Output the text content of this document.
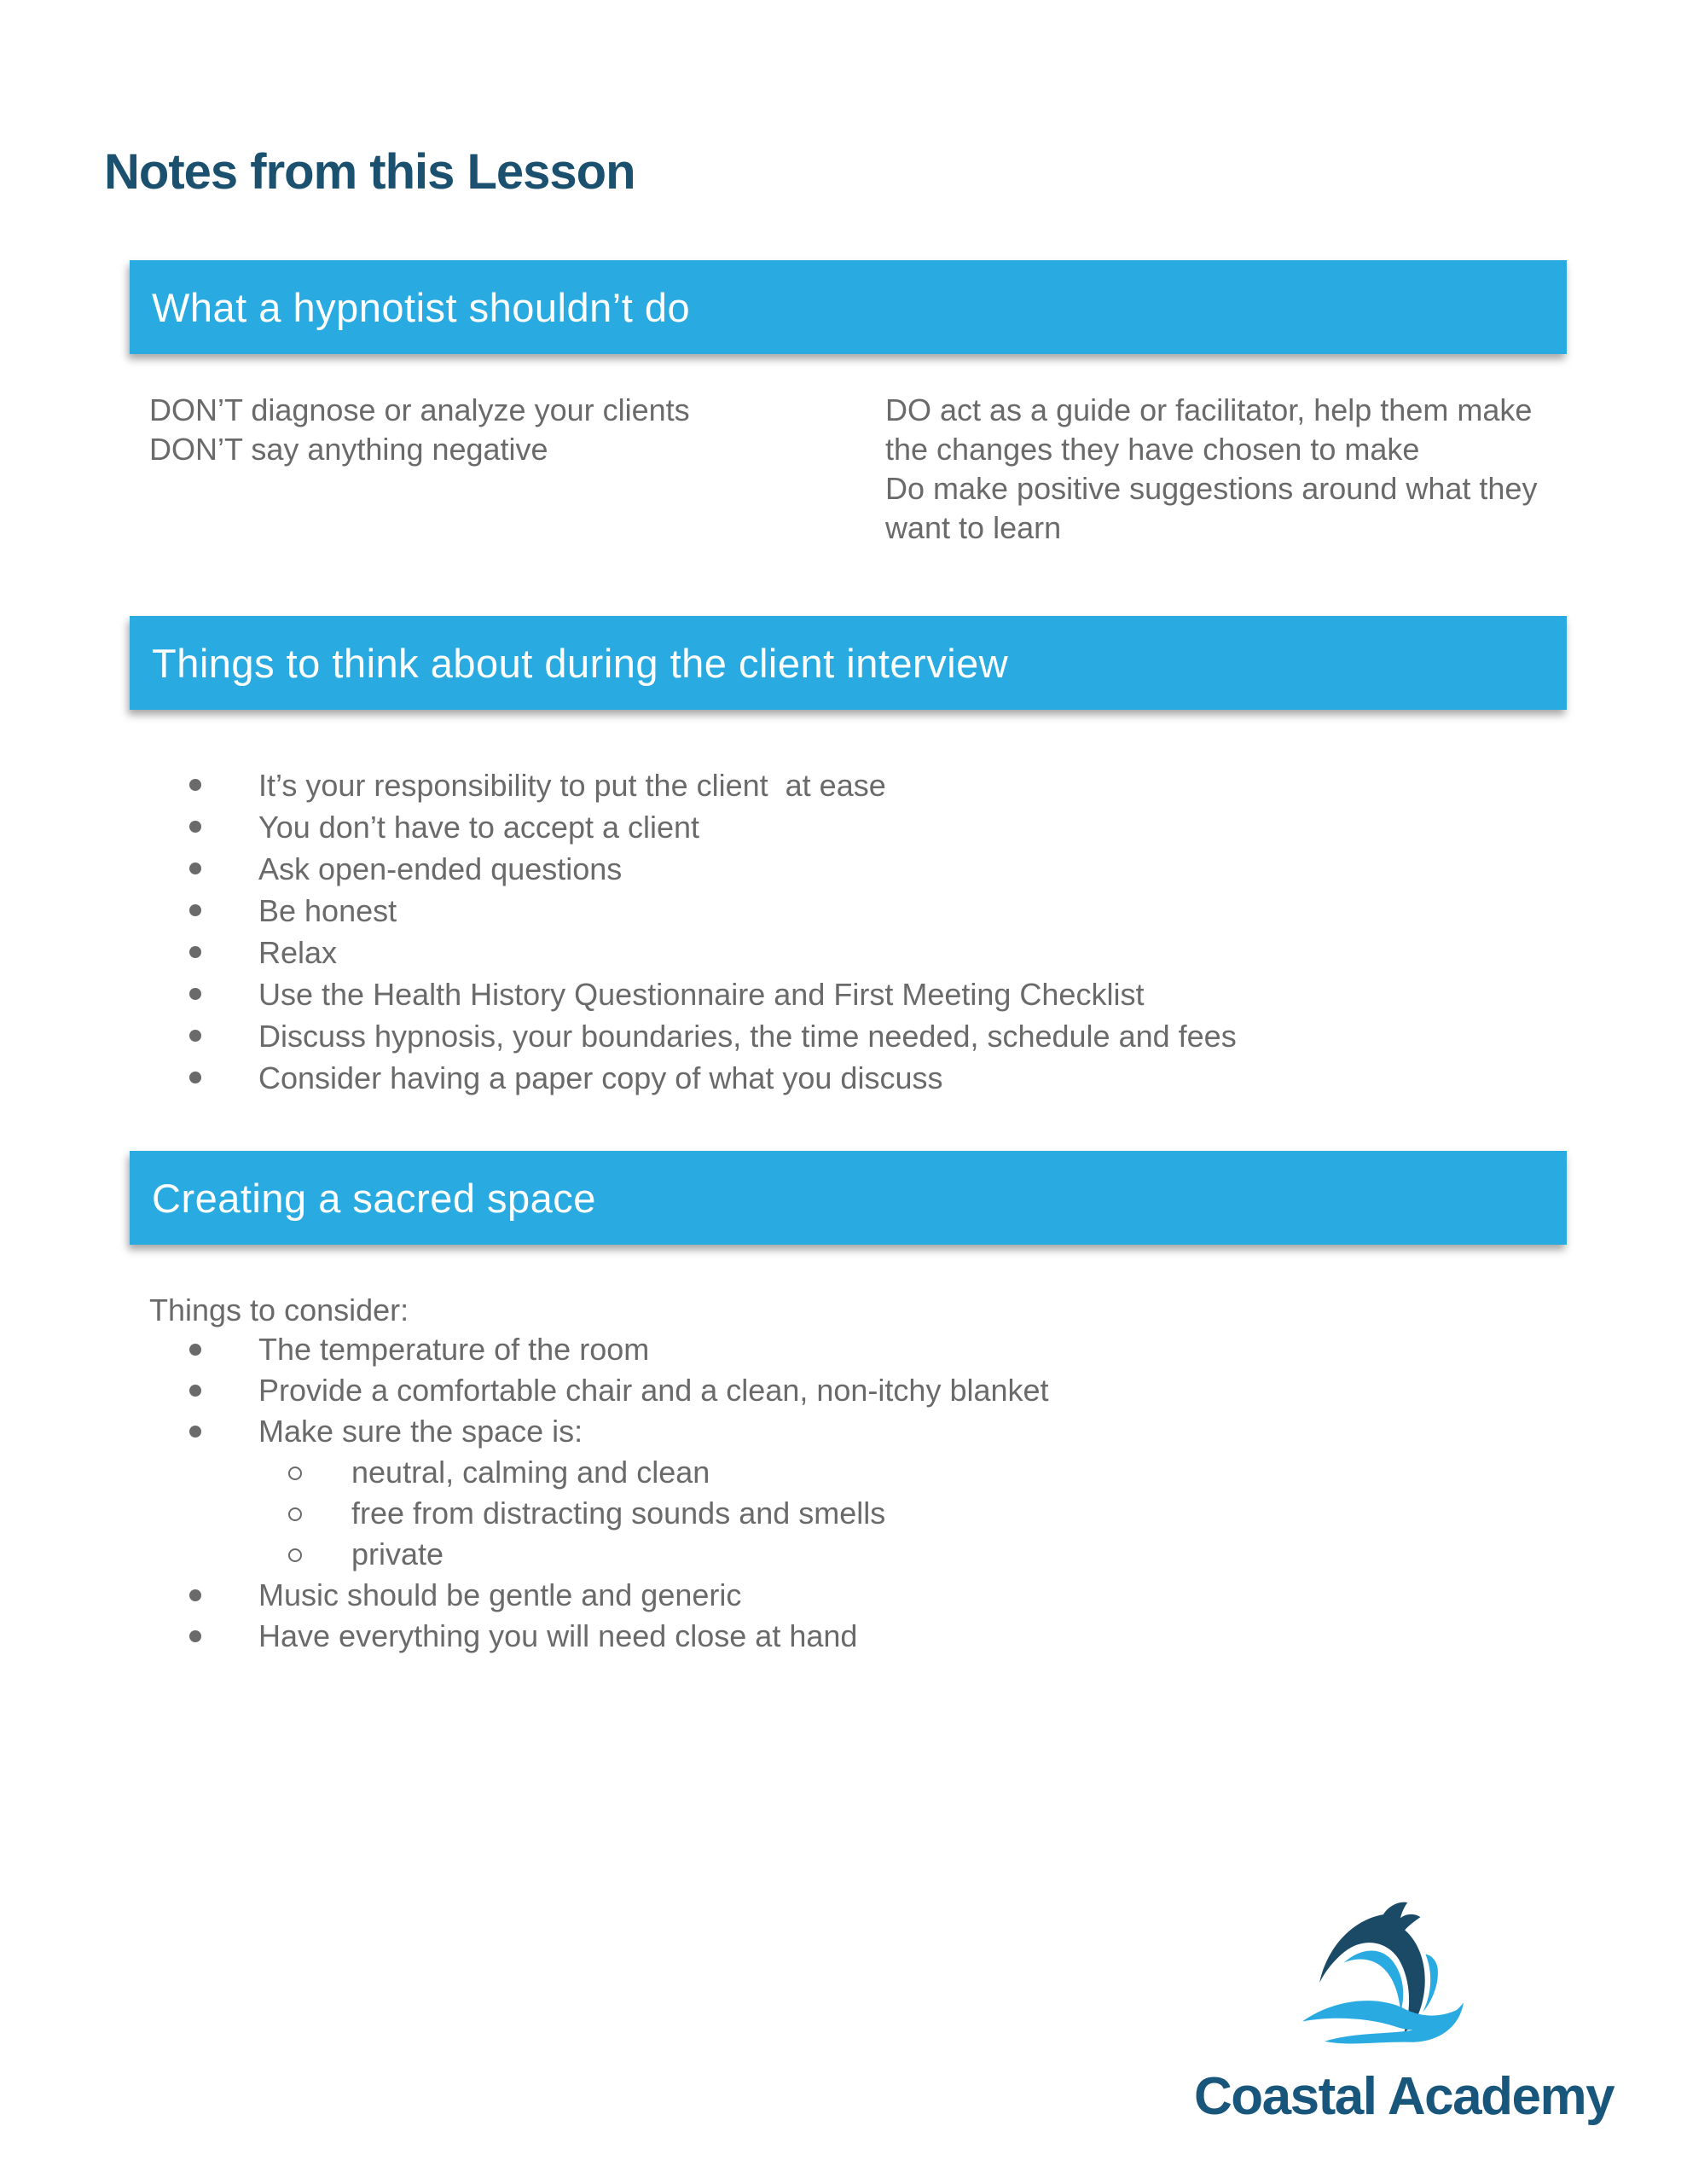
Notes from this Lesson
What a hypnotist shouldn’t do

DON’T diagnose or analyze your clients

DON’T say anything negative

DO act as a guide or facilitator, help them make the changes they have chosen to make

Do make positive suggestions around what they want to learn

Things to think about during the client interview
It’s your responsibility to put the client  at ease
You don’t have to accept a client
Ask open-ended questions
Be honest
Relax
Use the Health History Questionnaire and First Meeting Checklist
Discuss hypnosis, your boundaries, the time needed, schedule and fees
Consider having a paper copy of what you discuss
Creating a sacred space

Things to consider:

The temperature of the room
Provide a comfortable chair and a clean, non-itchy blanket
Make sure the space is:
neutral, calming and clean
free from distracting sounds and smells
private
Music should be gentle and generic
Have everything you will need close at hand
Coastal Academy
